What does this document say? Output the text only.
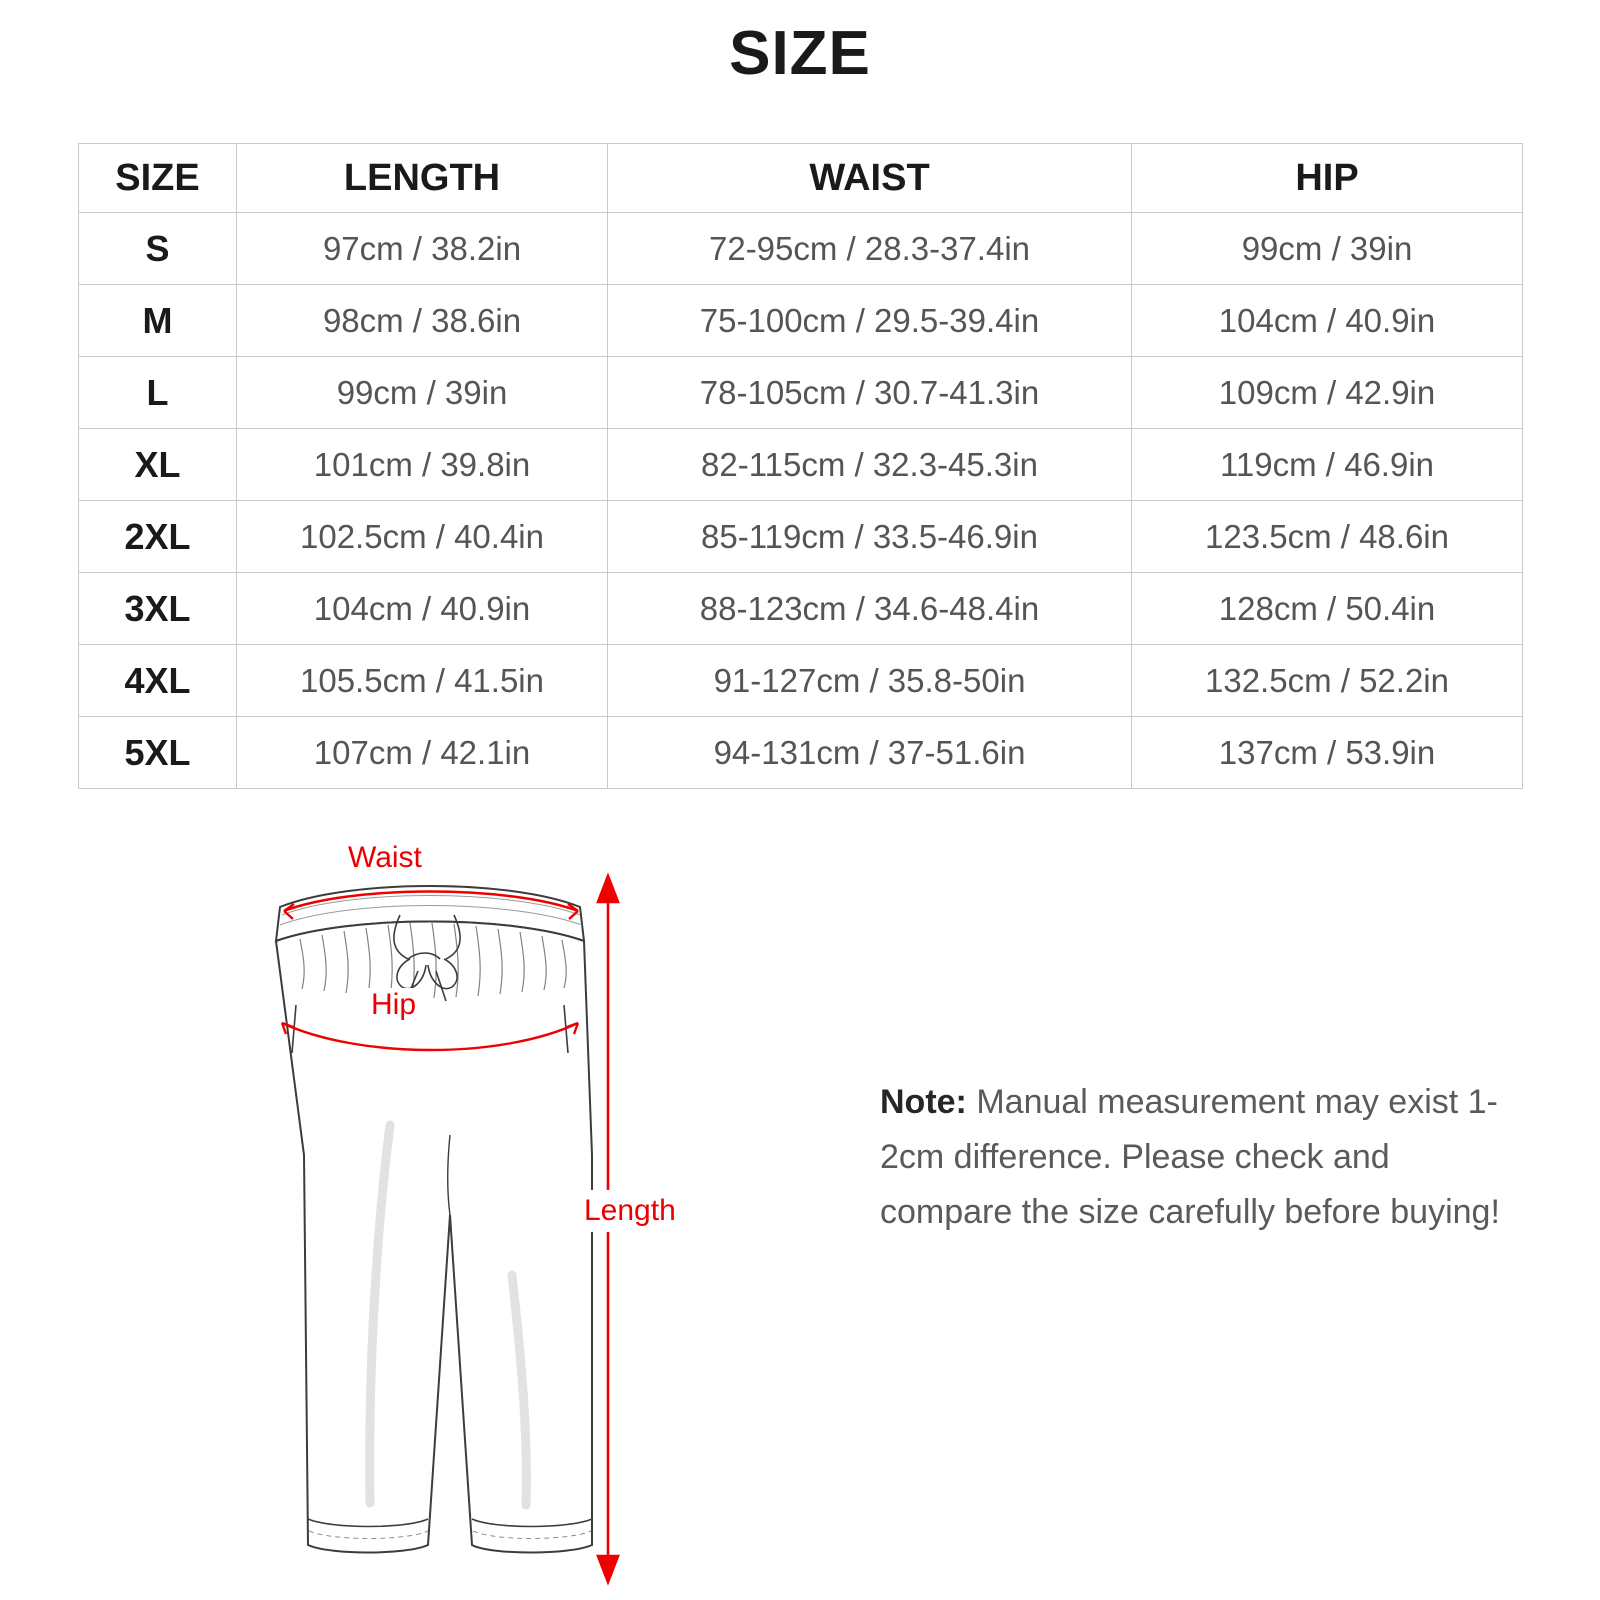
SIZE
SIZE	LENGTH	WAIST	HIP
S	97cm / 38.2in	72-95cm / 28.3-37.4in	99cm / 39in
M	98cm / 38.6in	75-100cm / 29.5-39.4in	104cm / 40.9in
L	99cm / 39in	78-105cm / 30.7-41.3in	109cm / 42.9in
XL	101cm / 39.8in	82-115cm / 32.3-45.3in	119cm / 46.9in
2XL	102.5cm / 40.4in	85-119cm / 33.5-46.9in	123.5cm / 48.6in
3XL	104cm / 40.9in	88-123cm / 34.6-48.4in	128cm / 50.4in
4XL	105.5cm / 41.5in	91-127cm / 35.8-50in	132.5cm / 52.2in
5XL	107cm / 42.1in	94-131cm / 37-51.6in	137cm / 53.9in
Waist
Hip
Length
Note: Manual measurement may exist 1-2cm difference. Please check and compare the size carefully before buying!
